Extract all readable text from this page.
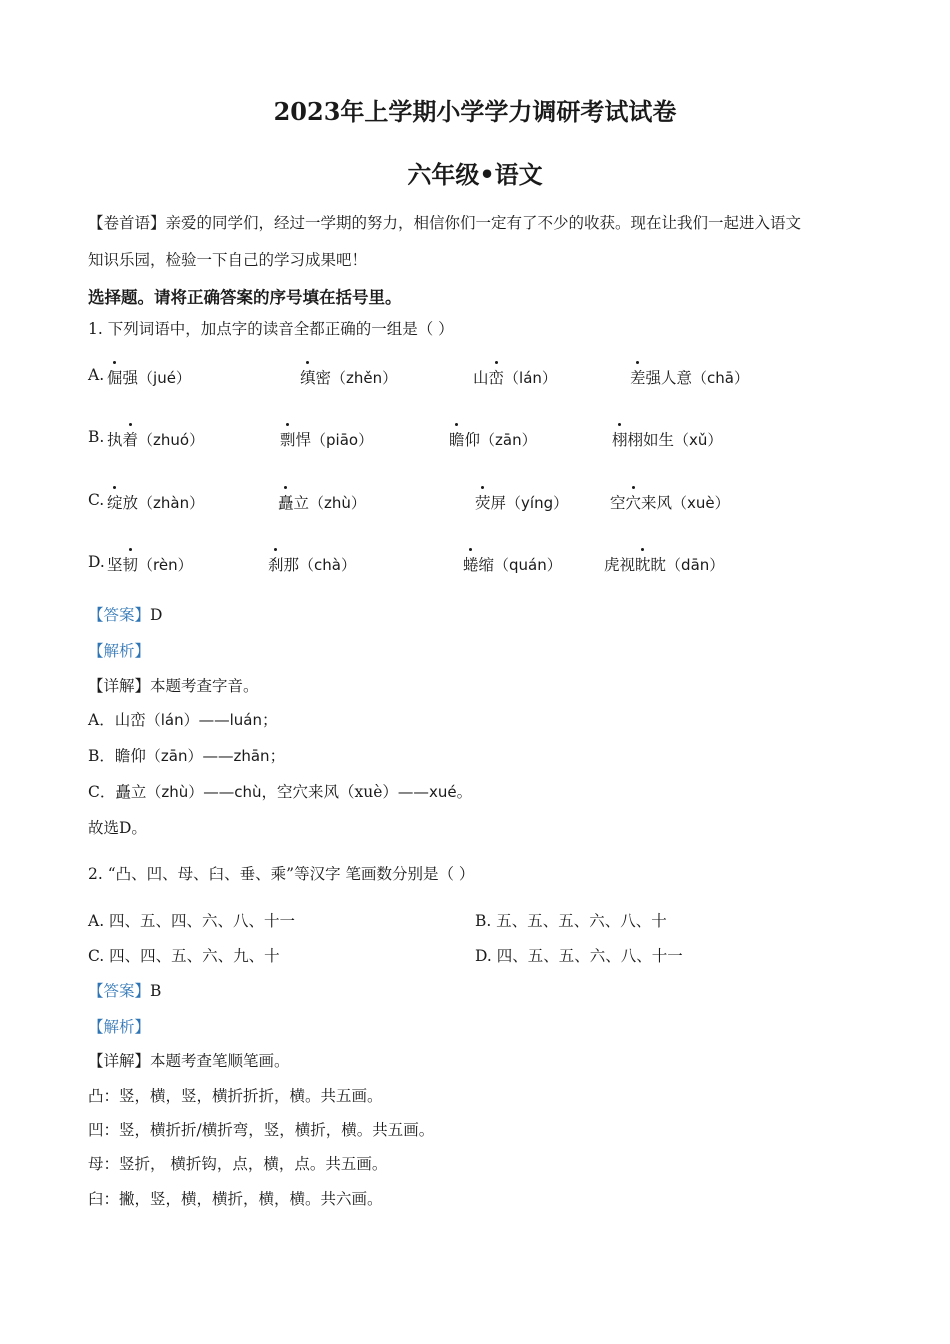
2023年上学期小学学力调研考试试卷
六年级•语文
【卷首语】亲爱的同学们，经过一学期的努力，相信你们一定有了不少的收获。现在让我们一起进入语文
知识乐园，检验一下自己的学习成果吧！
选择题。请将正确答案的序号填在括号里。
1. 下列词语中，加点字的读音全都正确的一组是（ ）
A. 倔强（jué）	缜密（zhěn）	山峦（lán）	差强人意（chā）
B. 执着（zhuó）	剽悍（piāo）	瞻仰（zān）	栩栩如生（xǔ）
C. 绽放（zhàn）	矗立（zhù）	荧屏（yíng）	空穴来风（xuè）
D. 坚韧（rèn）	刹那（chà）	蜷缩（quán）	虎视眈眈（dān）
【答案】D
【解析】
【详解】本题考查字音。
A．山峦（lán）——luán；
B．瞻仰（zān）——zhān；
C．矗立（zhù）——chù，空穴来风（xuè）——xué。
故选D。
2. “凸、凹、母、臼、垂、乘”等汉字 笔画数分别是（ ）
A. 四、五、四、六、八、十一	B. 五、五、五、六、八、十
C. 四、四、五、六、九、十	D. 四、五、五、六、八、十一
【答案】B
【解析】
【详解】本题考查笔顺笔画。
凸：竖，横，竖，横折折折，横。共五画。
凹：竖，横折折/横折弯，竖，横折，横。共五画。
母：竖折， 横折钩，点，横，点。共五画。
臼：撇，竖，横，横折，横，横。共六画。
